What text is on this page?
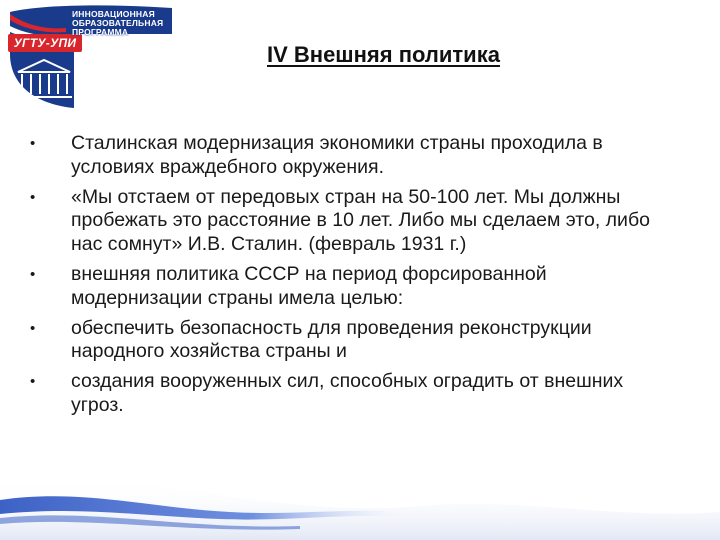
ИННОВАЦИОННАЯ
ОБРАЗОВАТЕЛЬНАЯ
ПРОГРАММА
УГТУ-УПИ	IV Внешняя политика
•	Сталинская модернизация экономики страны проходила в условиях враждебного окружения.
•	«Мы отстаем от передовых стран на 50-100 лет. Мы должны пробежать это расстояние в 10 лет. Либо мы сделаем это, либо нас сомнут» И.В. Сталин. (февраль 1931 г.)
•	внешняя политика СССР на период форсированной модернизации страны имела целью:
•	обеспечить безопасность для проведения реконструкции народного хозяйства страны и
•	создания вооруженных сил, способных оградить от внешних угроз.
